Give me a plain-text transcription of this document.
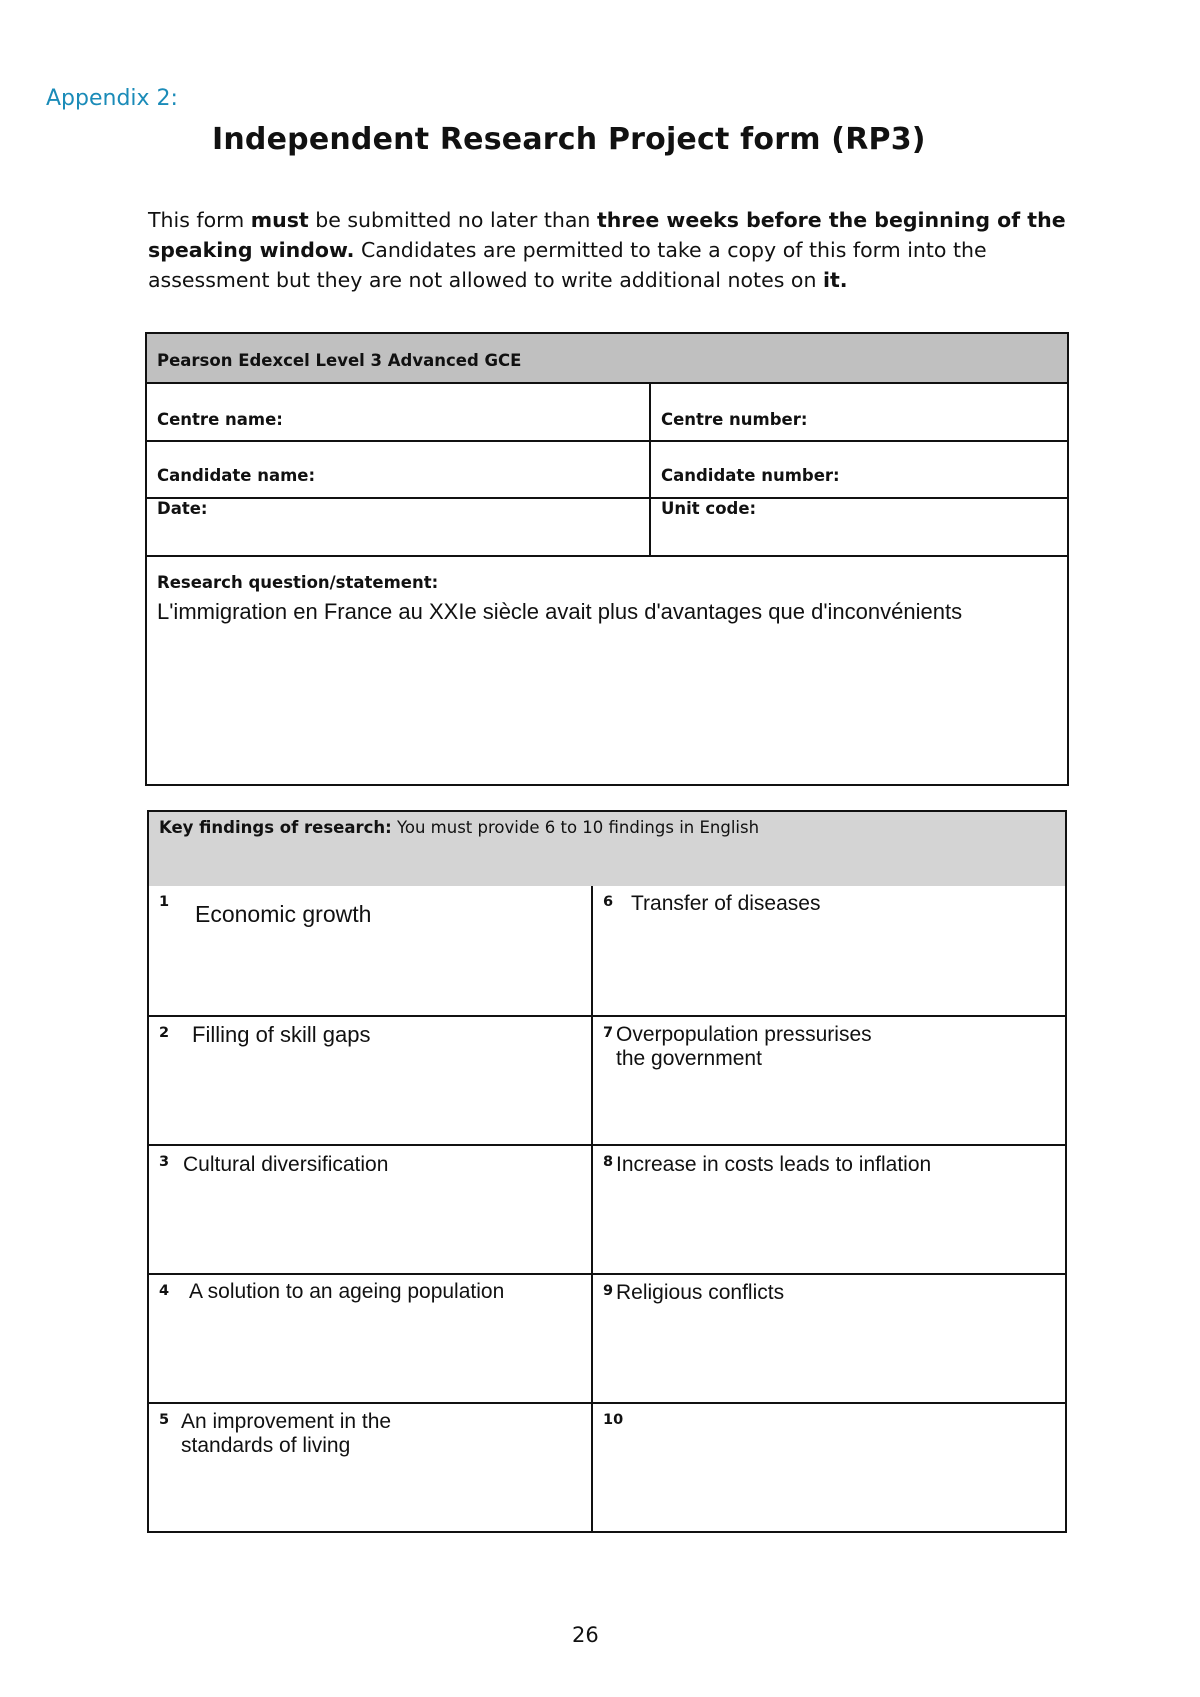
Appendix 2:
Independent Research Project form (RP3)
This form must be submitted no later than three weeks before the beginning of the speaking window. Candidates are permitted to take a copy of this form into the assessment but they are not allowed to write additional notes on it.
Pearson Edexcel Level 3 Advanced GCE
Centre name:	Centre number:
Candidate name:	Candidate number:
Date:	Unit code:
Research question/statement:
L'immigration en France au XXIe siècle avait plus d'avantages que d'inconvénients
Key findings of research: You must provide 6 to 10 findings in English
1 Economic growth	6 Transfer of diseases
2 Filling of skill gaps	7 Overpopulation pressurises
the government
3 Cultural diversification	8 Increase in costs leads to inflation
4 A solution to an ageing population	9 Religious conflicts
5 An improvement in the
standards of living
10
26
